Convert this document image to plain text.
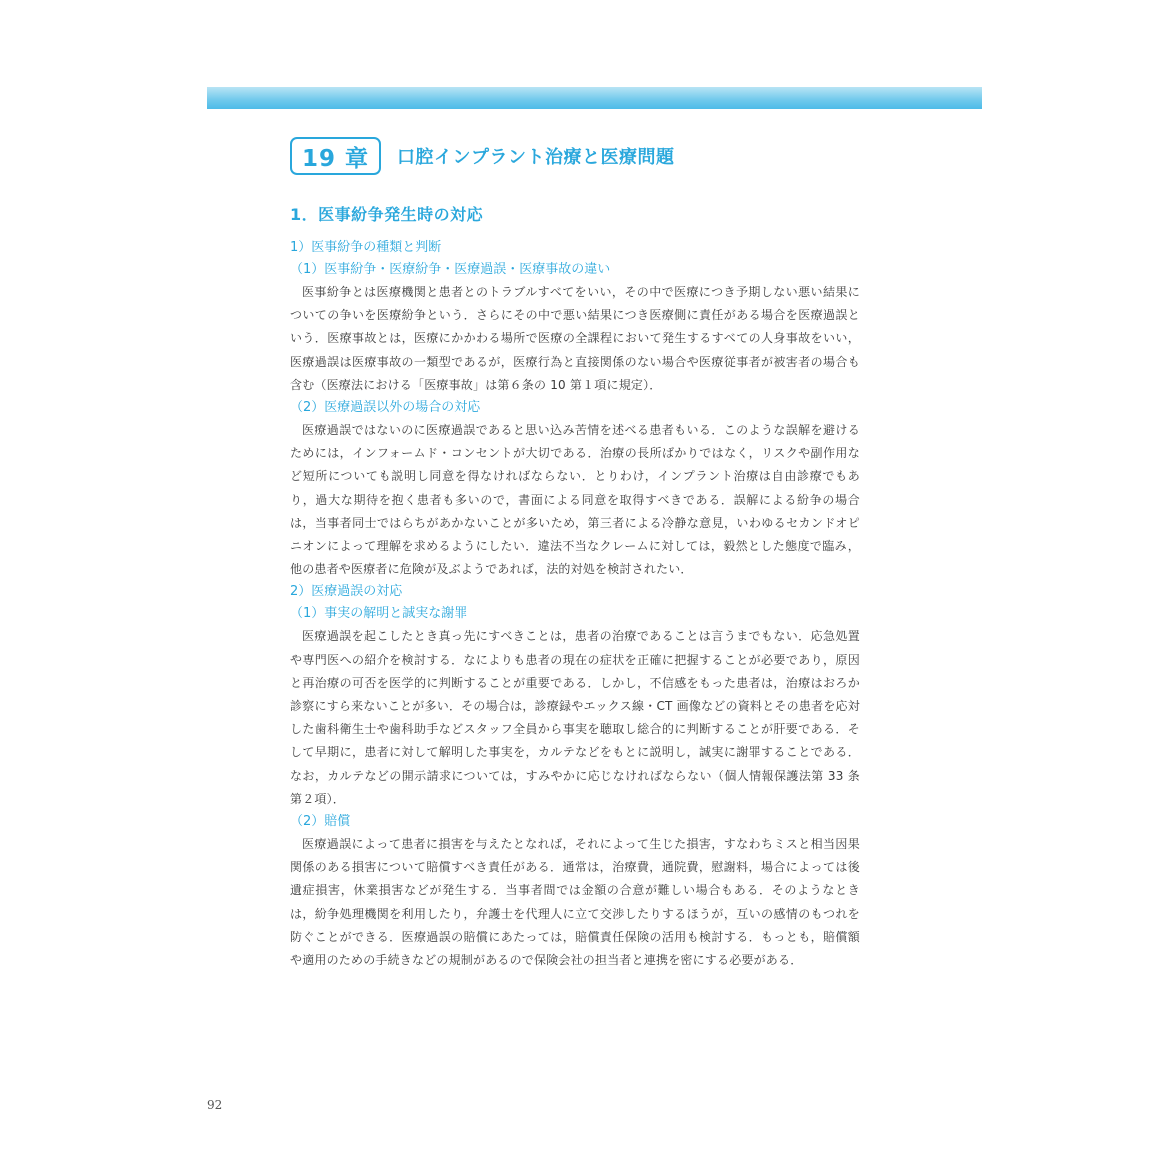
19 章	口腔インプラント治療と医療問題
1．医事紛争発生時の対応
1）医事紛争の種類と判断
（1）医事紛争・医療紛争・医療過誤・医療事故の違い
医事紛争とは医療機関と患者とのトラブルすべてをいい，その中で医療につき予期しない悪い結果についての争いを医療紛争という．さらにその中で悪い結果につき医療側に責任がある場合を医療過誤という．医療事故とは，医療にかかわる場所で医療の全課程において発生するすべての人身事故をいい，医療過誤は医療事故の一類型であるが，医療行為と直接関係のない場合や医療従事者が被害者の場合も含む（医療法における「医療事故」は第６条の 10 第１項に規定）．
（2）医療過誤以外の場合の対応
医療過誤ではないのに医療過誤であると思い込み苦情を述べる患者もいる．このような誤解を避けるためには，インフォームド・コンセントが大切である．治療の長所ばかりではなく，リスクや副作用など短所についても説明し同意を得なければならない．とりわけ，インプラント治療は自由診療でもあり，過大な期待を抱く患者も多いので，書面による同意を取得すべきである．誤解による紛争の場合は，当事者同士ではらちがあかないことが多いため，第三者による冷静な意見，いわゆるセカンドオピニオンによって理解を求めるようにしたい．違法不当なクレームに対しては，毅然とした態度で臨み，他の患者や医療者に危険が及ぶようであれば，法的対処を検討されたい．
2）医療過誤の対応
（1）事実の解明と誠実な謝罪
医療過誤を起こしたとき真っ先にすべきことは，患者の治療であることは言うまでもない．応急処置や専門医への紹介を検討する．なによりも患者の現在の症状を正確に把握することが必要であり，原因と再治療の可否を医学的に判断することが重要である．しかし，不信感をもった患者は，治療はおろか診察にすら来ないことが多い．その場合は，診療録やエックス線・CT 画像などの資料とその患者を応対した歯科衛生士や歯科助手などスタッフ全員から事実を聴取し総合的に判断することが肝要である．そして早期に，患者に対して解明した事実を，カルテなどをもとに説明し，誠実に謝罪することである．なお，カルテなどの開示請求については，すみやかに応じなければならない（個人情報保護法第 33 条第２項）．
（2）賠償
医療過誤によって患者に損害を与えたとなれば，それによって生じた損害，すなわちミスと相当因果関係のある損害について賠償すべき責任がある．通常は，治療費，通院費，慰謝料，場合によっては後遺症損害，休業損害などが発生する．当事者間では金額の合意が難しい場合もある．そのようなときは，紛争処理機関を利用したり，弁護士を代理人に立て交渉したりするほうが，互いの感情のもつれを防ぐことができる．医療過誤の賠償にあたっては，賠償責任保険の活用も検討する．もっとも，賠償額や適用のための手続きなどの規制があるので保険会社の担当者と連携を密にする必要がある．
92
